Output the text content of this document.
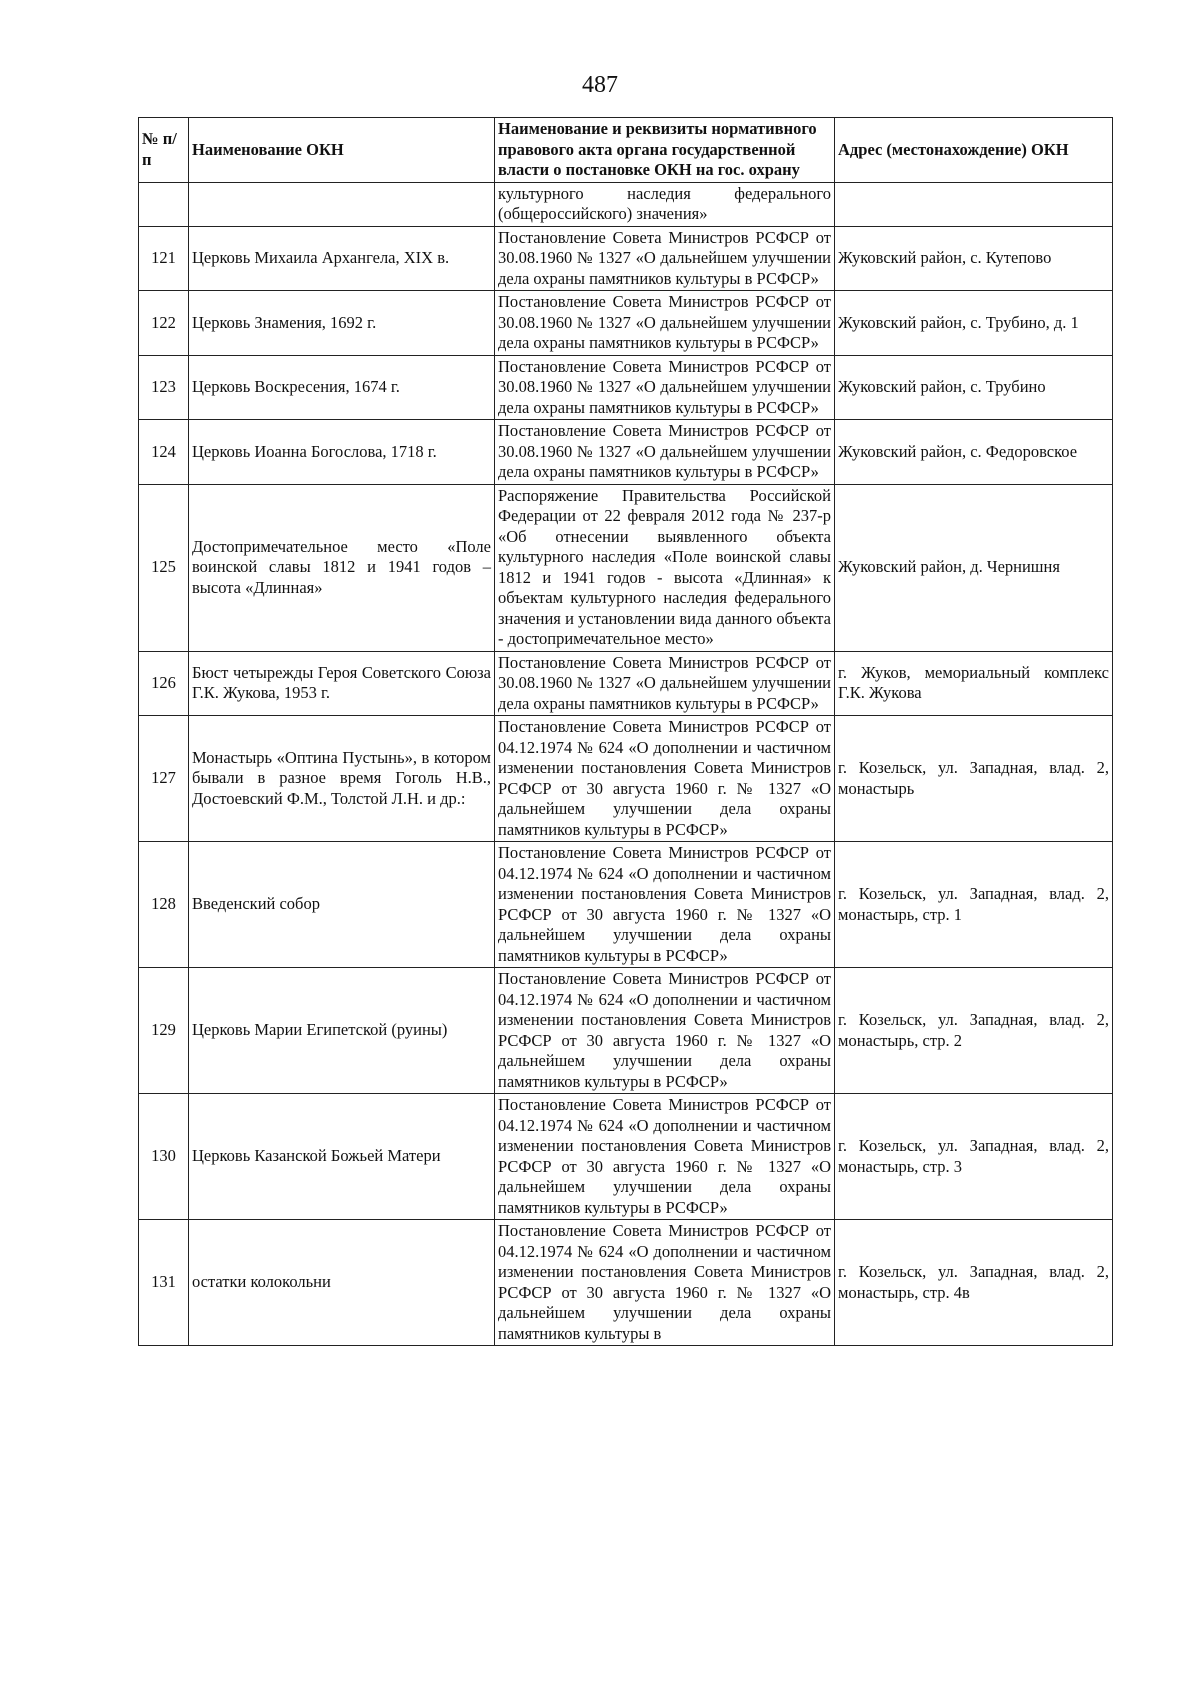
487
№ п/п	Наименование ОКН	Наименование и реквизиты нормативного правового акта органа государственной власти о постановке ОКН на гос. охрану	Адрес (местонахождение) ОКН
		культурного наследия федерального (общероссийского) значения»	
121	Церковь Михаила Архангела, XIX в.	Постановление Совета Министров РСФСР от 30.08.1960 № 1327 «О дальнейшем улучшении дела охраны памятников культуры в РСФСР»	Жуковский район, с. Кутепово
122	Церковь Знамения, 1692 г.	Постановление Совета Министров РСФСР от 30.08.1960 № 1327 «О дальнейшем улучшении дела охраны памятников культуры в РСФСР»	Жуковский район, с. Трубино, д. 1
123	Церковь Воскресения, 1674 г.	Постановление Совета Министров РСФСР от 30.08.1960 № 1327 «О дальнейшем улучшении дела охраны памятников культуры в РСФСР»	Жуковский район, с. Трубино
124	Церковь Иоанна Богослова, 1718 г.	Постановление Совета Министров РСФСР от 30.08.1960 № 1327 «О дальнейшем улучшении дела охраны памятников культуры в РСФСР»	Жуковский район, с. Федоровское
125	Достопримечательное место «Поле воинской славы 1812 и 1941 годов – высота «Длинная»	Распоряжение Правительства Российской Федерации от 22 февраля 2012 года № 237-р «Об отнесении выявленного объекта культурного наследия «Поле воинской славы 1812 и 1941 годов - высота «Длинная» к объектам культурного наследия федерального значения и установлении вида данного объекта - достопримечательное место»	Жуковский район, д. Чернишня
126	Бюст четырежды Героя Советского Союза Г.К. Жукова, 1953 г.	Постановление Совета Министров РСФСР от 30.08.1960 № 1327 «О дальнейшем улучшении дела охраны памятников культуры в РСФСР»	г. Жуков, мемориальный комплекс Г.К. Жукова
127	Монастырь «Оптина Пустынь», в котором бывали в разное время Гоголь Н.В., Достоевский Ф.М., Толстой Л.Н. и др.:	Постановление Совета Министров РСФСР от 04.12.1974 № 624 «О дополнении и частичном изменении постановления Совета Министров РСФСР от 30 августа 1960 г. № 1327 «О дальнейшем улучшении дела охраны памятников культуры в РСФСР»	г. Козельск, ул. Западная, влад. 2, монастырь
128	Введенский собор	Постановление Совета Министров РСФСР от 04.12.1974 № 624 «О дополнении и частичном изменении постановления Совета Министров РСФСР от 30 августа 1960 г. № 1327 «О дальнейшем улучшении дела охраны памятников культуры в РСФСР»	г. Козельск, ул. Западная, влад. 2, монастырь, стр. 1
129	Церковь Марии Египетской (руины)	Постановление Совета Министров РСФСР от 04.12.1974 № 624 «О дополнении и частичном изменении постановления Совета Министров РСФСР от 30 августа 1960 г. № 1327 «О дальнейшем улучшении дела охраны памятников культуры в РСФСР»	г. Козельск, ул. Западная, влад. 2, монастырь, стр. 2
130	Церковь Казанской Божьей Матери	Постановление Совета Министров РСФСР от 04.12.1974 № 624 «О дополнении и частичном изменении постановления Совета Министров РСФСР от 30 августа 1960 г. № 1327 «О дальнейшем улучшении дела охраны памятников культуры в РСФСР»	г. Козельск, ул. Западная, влад. 2, монастырь, стр. 3
131	остатки колокольни	Постановление Совета Министров РСФСР от 04.12.1974 № 624 «О дополнении и частичном изменении постановления Совета Министров РСФСР от 30 августа 1960 г. № 1327 «О дальнейшем улучшении дела охраны памятников культуры в	г. Козельск, ул. Западная, влад. 2, монастырь, стр. 4в
